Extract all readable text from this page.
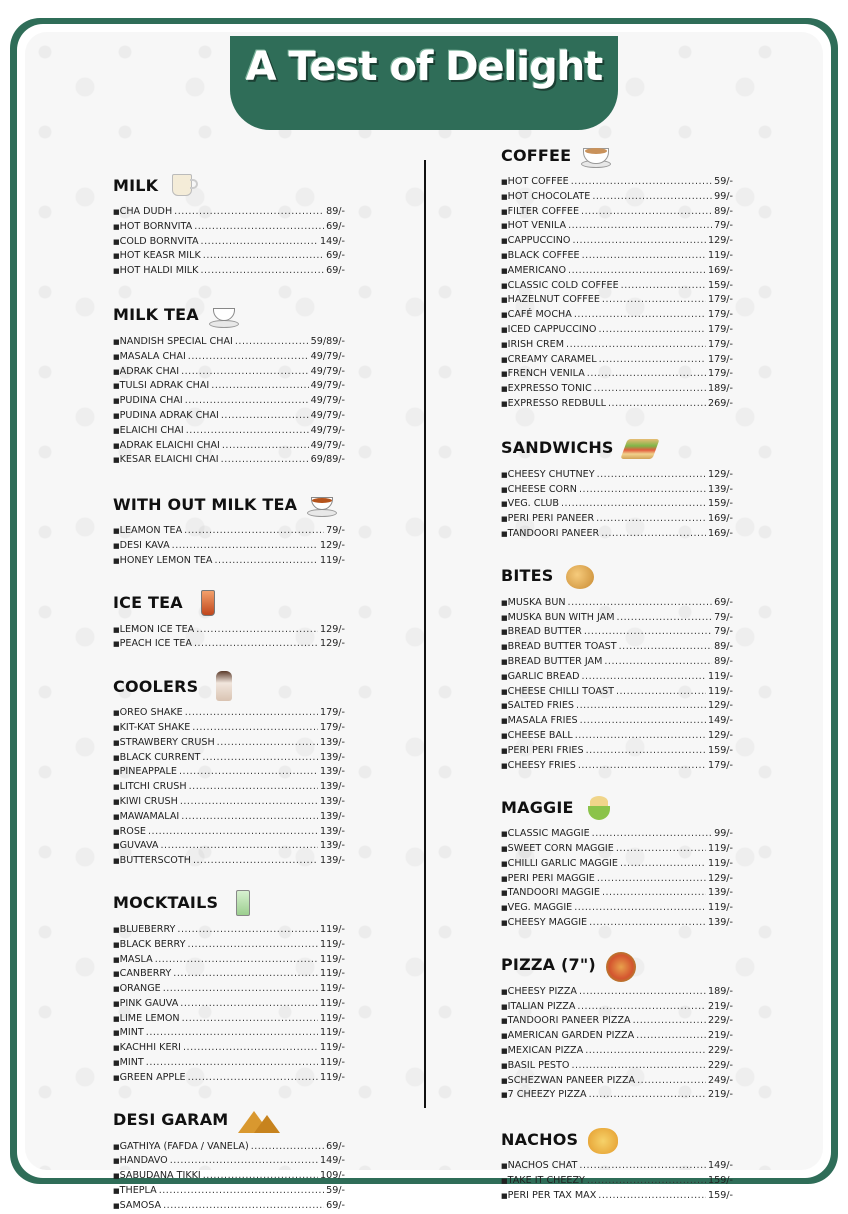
A Test of Delight
MILK
■ CHA DUDH .....	89/-
■ HOT BORNVITA .....	69/-
■ COLD BORNVITA .....	149/-
■ HOT KEASR MILK .....	69/-
■ HOT HALDI MILK .....	69/-
MILK TEA
■ NANDISH SPECIAL CHAI .....	59/89/-
■ MASALA CHAI .....	49/79/-
■ ADRAK CHAI .....	49/79/-
■ TULSI ADRAK CHAI .....	49/79/-
■ PUDINA CHAI .....	49/79/-
■ PUDINA ADRAK CHAI .....	49/79/-
■ ELAICHI CHAI .....	49/79/-
■ ADRAK ELAICHI CHAI .....	49/79/-
■ KESAR ELAICHI CHAI .....	69/89/-
WITH OUT MILK TEA
■ LEAMON TEA .....	79/-
■ DESI KAVA .....	129/-
■ HONEY LEMON TEA .....	119/-
ICE TEA
■ LEMON ICE TEA .....	129/-
■ PEACH ICE TEA .....	129/-
COOLERS
■ OREO SHAKE .....	179/-
■ KIT-KAT SHAKE .....	179/-
■ STRAWBERY CRUSH .....	139/-
■ BLACK CURRENT .....	139/-
■ PINEAPPALE .....	139/-
■ LITCHI CRUSH .....	139/-
■ KIWI CRUSH .....	139/-
■ MAWAMALAI .....	139/-
■ ROSE .....	139/-
■ GUVAVA .....	139/-
■ BUTTERSCOTH .....	139/-
MOCKTAILS
■ BLUEBERRY .....	119/-
■ BLACK BERRY .....	119/-
■ MASLA .....	119/-
■ CANBERRY .....	119/-
■ ORANGE .....	119/-
■ PINK GAUVA .....	119/-
■ LIME LEMON .....	119/-
■ MINT .....	119/-
■ KACHHI KERI .....	119/-
■ MINT .....	119/-
■ GREEN APPLE .....	119/-
DESI GARAM
■ GATHIYA (FAFDA / VANELA) .....	69/-
■ HANDAVO .....	149/-
■ SABUDANA TIKKI .....	109/-
■ THEPLA .....	59/-
■ SAMOSA .....	69/-
COFFEE
■ HOT COFFEE .....	59/-
■ HOT CHOCOLATE .....	99/-
■ FILTER COFFEE .....	89/-
■ HOT VENILA .....	79/-
■ CAPPUCCINO .....	129/-
■ BLACK COFFEE .....	119/-
■ AMERICANO .....	169/-
■ CLASSIC COLD COFFEE .....	159/-
■ HAZELNUT COFFEE .....	179/-
■ CAFÉ MOCHA .....	179/-
■ ICED CAPPUCCINO .....	179/-
■ IRISH CREM .....	179/-
■ CREAMY CARAMEL .....	179/-
■ FRENCH VENILA .....	179/-
■ EXPRESSO TONIC .....	189/-
■ EXPRESSO REDBULL .....	269/-
SANDWICHS
■ CHEESY CHUTNEY .....	129/-
■ CHEESE CORN .....	139/-
■ VEG. CLUB .....	159/-
■ PERI PERI PANEER .....	169/-
■ TANDOORI PANEER .....	169/-
BITES
■ MUSKA BUN .....	69/-
■ MUSKA BUN WITH JAM .....	79/-
■ BREAD BUTTER .....	79/-
■ BREAD BUTTER TOAST .....	89/-
■ BREAD BUTTER JAM .....	89/-
■ GARLIC BREAD .....	119/-
■ CHEESE CHILLI TOAST .....	119/-
■ SALTED FRIES .....	129/-
■ MASALA FRIES .....	149/-
■ CHEESE BALL .....	129/-
■ PERI PERI FRIES .....	159/-
■ CHEESY FRIES .....	179/-
MAGGIE
■ CLASSIC MAGGIE .....	99/-
■ SWEET CORN MAGGIE .....	119/-
■ CHILLI GARLIC MAGGIE .....	119/-
■ PERI PERI MAGGIE .....	129/-
■ TANDOORI MAGGIE .....	139/-
■ VEG. MAGGIE .....	119/-
■ CHEESY MAGGIE .....	139/-
PIZZA (7")
■ CHEESY PIZZA .....	189/-
■ ITALIAN PIZZA .....	219/-
■ TANDOORI PANEER PIZZA .....	229/-
■ AMERICAN GARDEN PIZZA .....	219/-
■ MEXICAN PIZZA .....	229/-
■ BASIL PESTO .....	229/-
■ SCHEZWAN PANEER PIZZA .....	249/-
■ 7 CHEEZY PIZZA .....	219/-
NACHOS
■ NACHOS CHAT .....	149/-
■ TAKE IT CHEEZY .....	159/-
■ PERI PER TAX MAX .....	159/-
